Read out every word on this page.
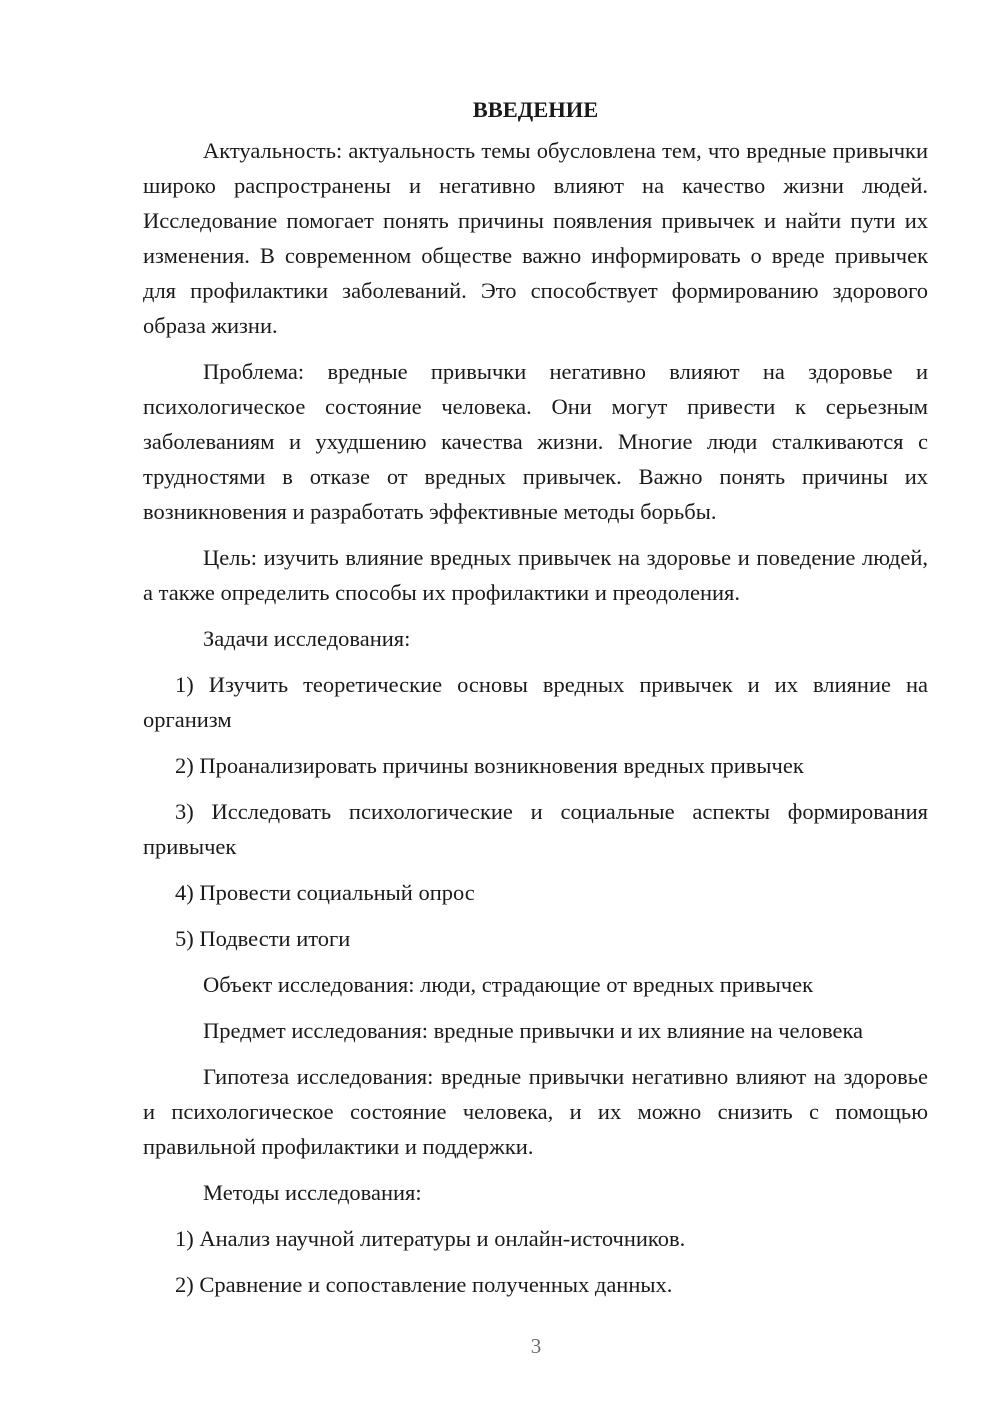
ВВЕДЕНИЕ

Актуальность: актуальность темы обусловлена тем, что вредные привычки широко распространены и негативно влияют на качество жизни людей. Исследование помогает понять причины появления привычек и найти пути их изменения. В современном обществе важно информировать о вреде привычек для профилактики заболеваний. Это способствует формированию здорового образа жизни.

Проблема: вредные привычки негативно влияют на здоровье и психологическое состояние человека. Они могут привести к серьезным заболеваниям и ухудшению качества жизни. Многие люди сталкиваются с трудностями в отказе от вредных привычек. Важно понять причины их возникновения и разработать эффективные методы борьбы.

Цель: изучить влияние вредных привычек на здоровье и поведение людей, а также определить способы их профилактики и преодоления.

Задачи исследования:

1) Изучить теоретические основы вредных привычек и их влияние на организм

2) Проанализировать причины возникновения вредных привычек

3) Исследовать психологические и социальные аспекты формирования привычек

4) Провести социальный опрос

5) Подвести итоги

Объект исследования: люди, страдающие от вредных привычек

Предмет исследования: вредные привычки и их влияние на человека

Гипотеза исследования: вредные привычки негативно влияют на здоровье и психологическое состояние человека, и их можно снизить с помощью правильной профилактики и поддержки.

Методы исследования:

1) Анализ научной литературы и онлайн-источников.

2) Сравнение и сопоставление полученных данных.

3
